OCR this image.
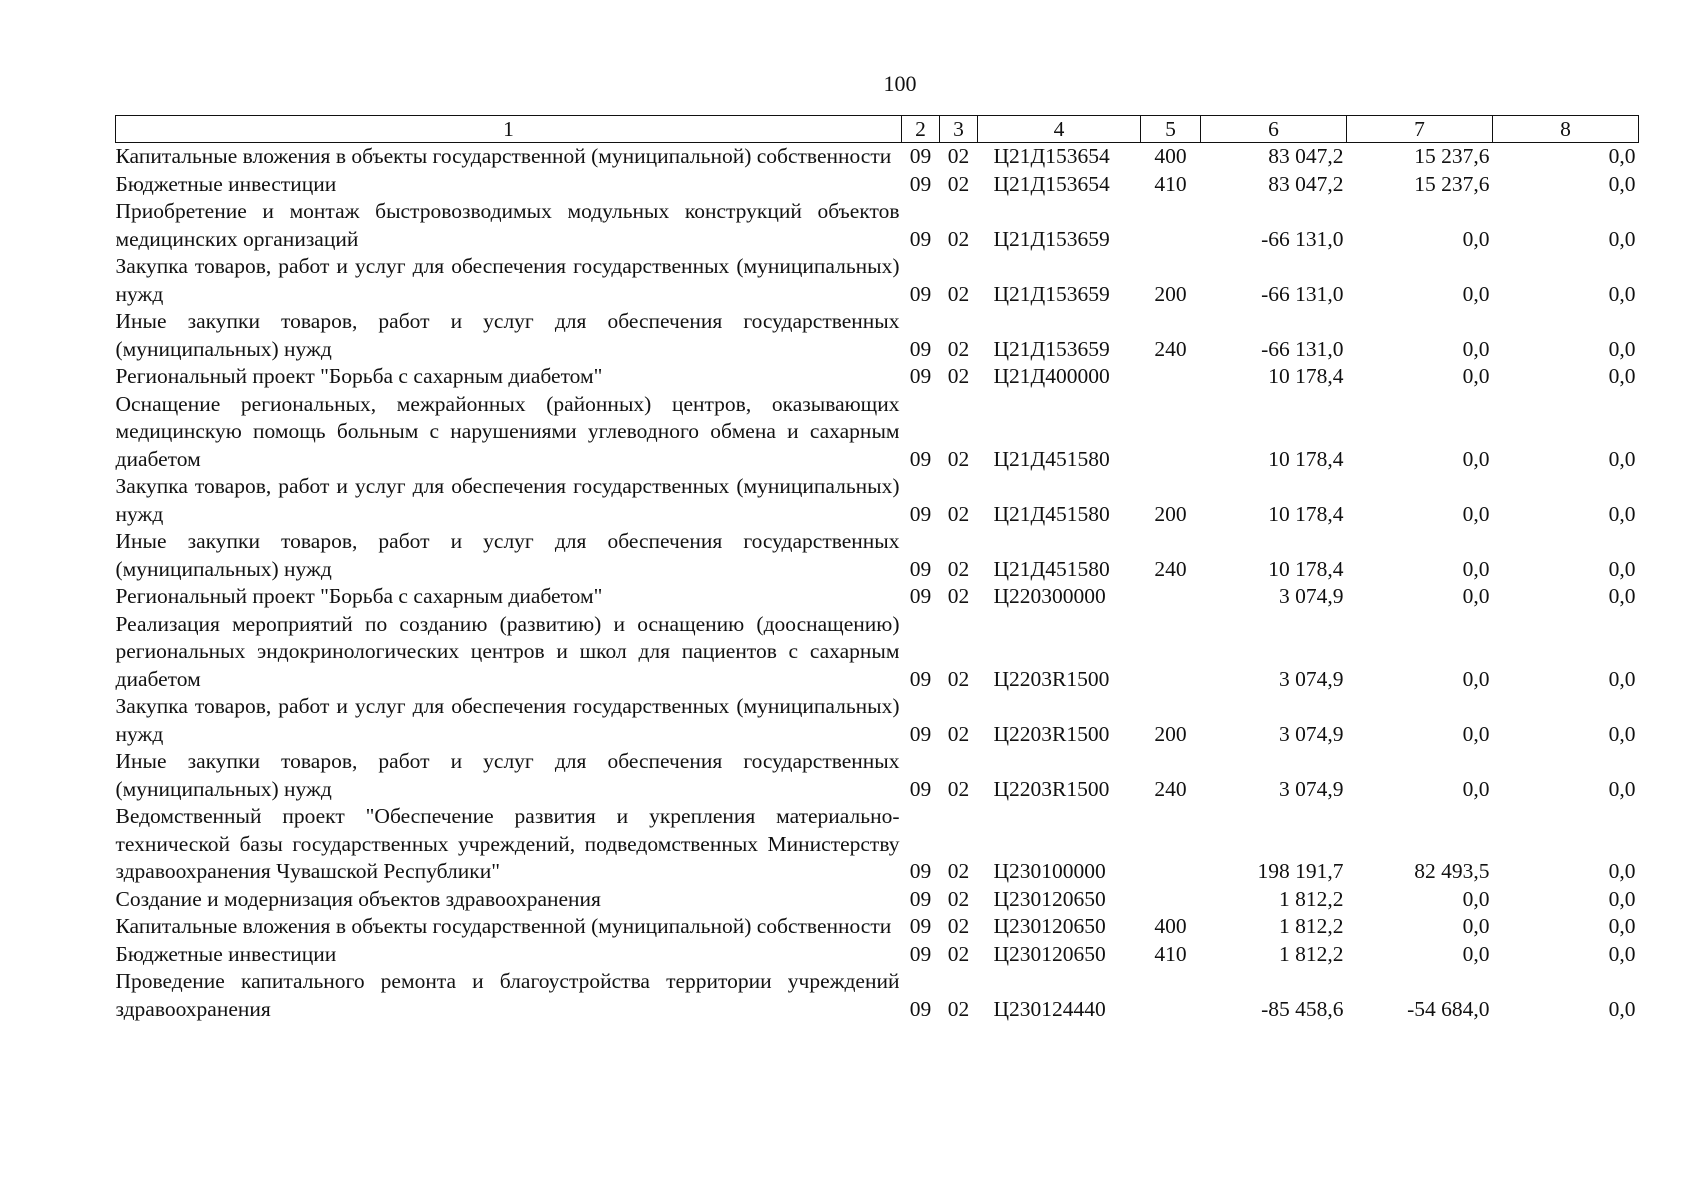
100
1	2	3	4	5	6	7	8
Капитальные вложения в объекты государственной (муниципальной) собственности	09	02	Ц21Д153654	400	83 047,2	15 237,6	0,0
Бюджетные инвестиции	09	02	Ц21Д153654	410	83 047,2	15 237,6	0,0
Приобретение и монтаж быстровозводимых модульных конструкций объектов медицинских организаций	09	02	Ц21Д153659		-66 131,0	0,0	0,0
Закупка товаров, работ и услуг для обеспечения государственных (муниципальных) нужд	09	02	Ц21Д153659	200	-66 131,0	0,0	0,0
Иные закупки товаров, работ и услуг для обеспечения государственных (муниципальных) нужд	09	02	Ц21Д153659	240	-66 131,0	0,0	0,0
Региональный проект "Борьба с сахарным диабетом"	09	02	Ц21Д400000		10 178,4	0,0	0,0
Оснащение региональных, межрайонных (районных) центров, оказывающих медицинскую помощь больным с нарушениями углеводного обмена и сахарным диабетом	09	02	Ц21Д451580		10 178,4	0,0	0,0
Закупка товаров, работ и услуг для обеспечения государственных (муниципальных) нужд	09	02	Ц21Д451580	200	10 178,4	0,0	0,0
Иные закупки товаров, работ и услуг для обеспечения государственных (муниципальных) нужд	09	02	Ц21Д451580	240	10 178,4	0,0	0,0
Региональный проект "Борьба с сахарным диабетом"	09	02	Ц220300000		3 074,9	0,0	0,0
Реализация мероприятий по созданию (развитию) и оснащению (дооснащению) региональных эндокринологических центров и школ для пациентов с сахарным диабетом	09	02	Ц2203R1500		3 074,9	0,0	0,0
Закупка товаров, работ и услуг для обеспечения государственных (муниципальных) нужд	09	02	Ц2203R1500	200	3 074,9	0,0	0,0
Иные закупки товаров, работ и услуг для обеспечения государственных (муниципальных) нужд	09	02	Ц2203R1500	240	3 074,9	0,0	0,0
Ведомственный проект "Обеспечение развития и укрепления материально-технической базы государственных учреждений, подведомственных Министерству здравоохранения Чувашской Республики"	09	02	Ц230100000		198 191,7	82 493,5	0,0
Создание и модернизация объектов здравоохранения	09	02	Ц230120650		1 812,2	0,0	0,0
Капитальные вложения в объекты государственной (муниципальной) собственности	09	02	Ц230120650	400	1 812,2	0,0	0,0
Бюджетные инвестиции	09	02	Ц230120650	410	1 812,2	0,0	0,0
Проведение капитального ремонта и благоустройства территории учреждений здравоохранения	09	02	Ц230124440		-85 458,6	-54 684,0	0,0
